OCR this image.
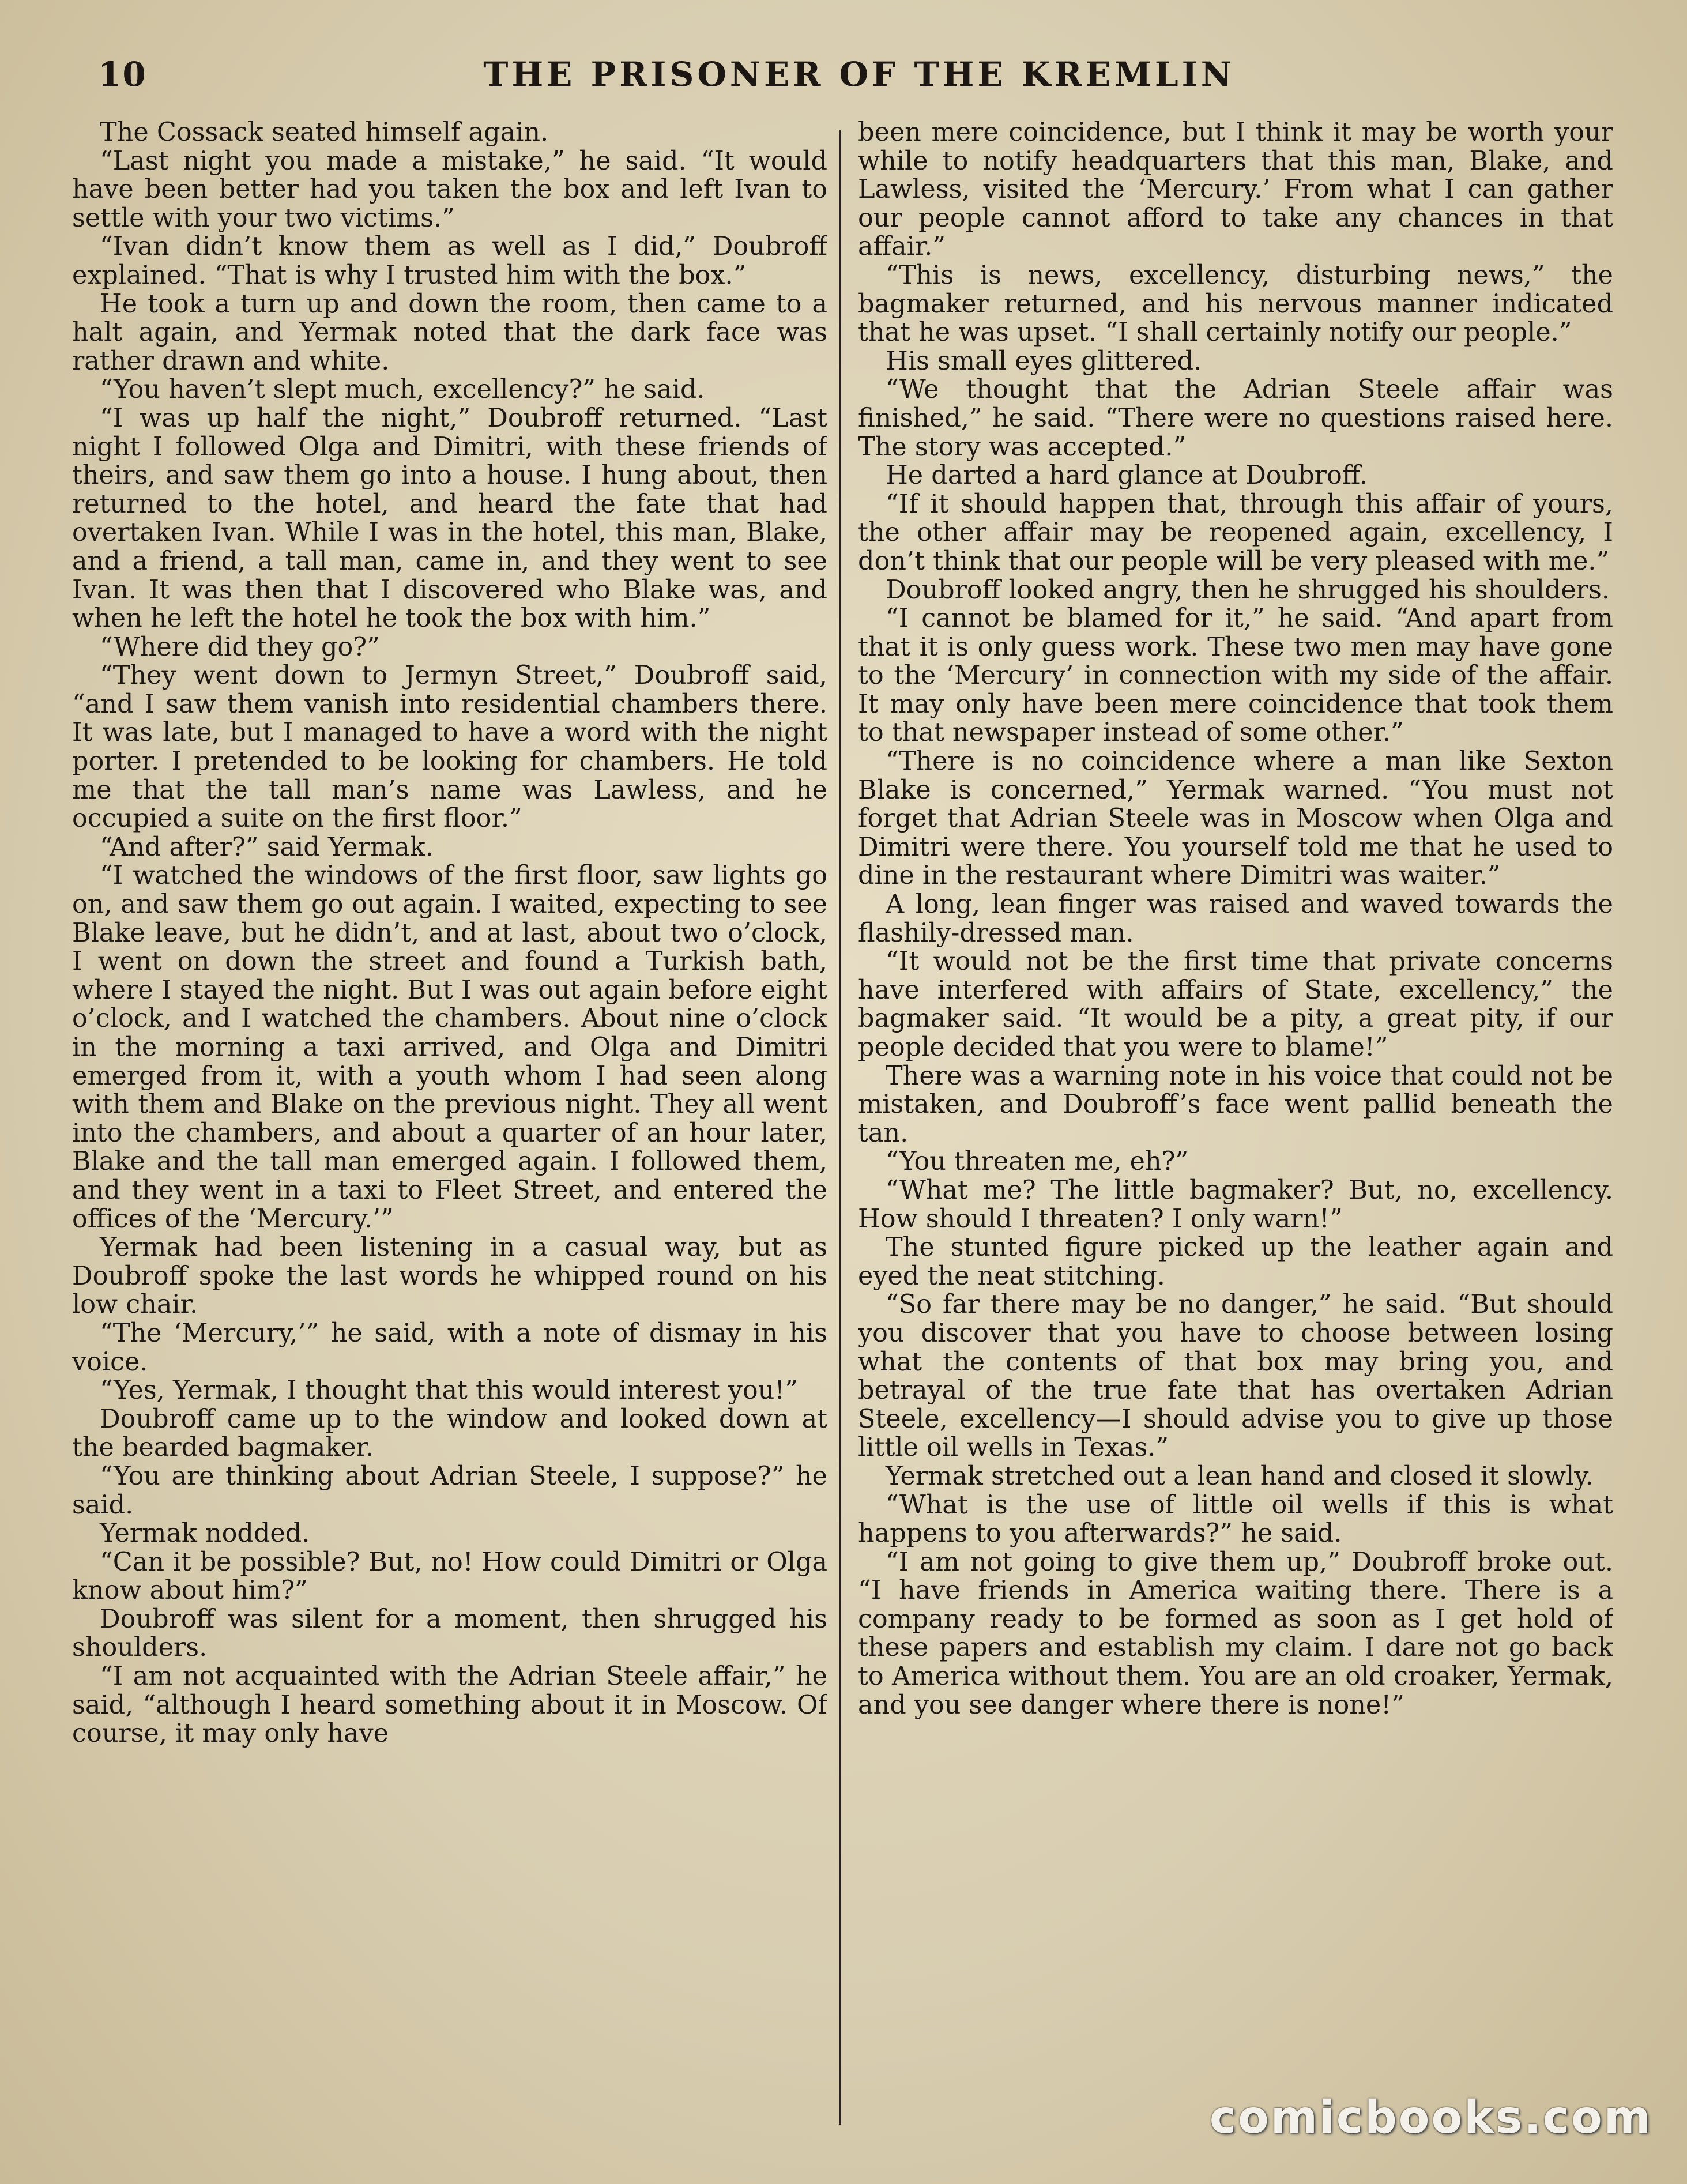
10	THE PRISONER OF THE KREMLIN

The Cossack seated himself again.

“Last night you made a mistake,” he said. “It would have been better had you taken the box and left Ivan to settle with your two victims.”

“Ivan didn’t know them as well as I did,” Doubroff explained. “That is why I trusted him with the box.”

He took a turn up and down the room, then came to a halt again, and Yermak noted that the dark face was rather drawn and white.

“You haven’t slept much, excellency?” he said.

“I was up half the night,” Doubroff returned. “Last night I followed Olga and Dimitri, with these friends of theirs, and saw them go into a house. I hung about, then returned to the hotel, and heard the fate that had overtaken Ivan. While I was in the hotel, this man, Blake, and a friend, a tall man, came in, and they went to see Ivan. It was then that I discovered who Blake was, and when he left the hotel he took the box with him.”

“Where did they go?”

“They went down to Jermyn Street,” Doubroff said, “and I saw them vanish into residential chambers there. It was late, but I managed to have a word with the night porter. I pretended to be looking for chambers. He told me that the tall man’s name was Lawless, and he occupied a suite on the first floor.”

“And after?” said Yermak.

“I watched the windows of the first floor, saw lights go on, and saw them go out again. I waited, expecting to see Blake leave, but he didn’t, and at last, about two o’clock, I went on down the street and found a Turkish bath, where I stayed the night. But I was out again before eight o’clock, and I watched the chambers. About nine o’clock in the morning a taxi arrived, and Olga and Dimitri emerged from it, with a youth whom I had seen along with them and Blake on the previous night. They all went into the chambers, and about a quarter of an hour later, Blake and the tall man emerged again. I followed them, and they went in a taxi to Fleet Street, and entered the offices of the ‘Mercury.’”

Yermak had been listening in a casual way, but as Doubroff spoke the last words he whipped round on his low chair.

“The ‘Mercury,’” he said, with a note of dismay in his voice.

“Yes, Yermak, I thought that this would interest you!”

Doubroff came up to the window and looked down at the bearded bagmaker.

“You are thinking about Adrian Steele, I suppose?” he said.

Yermak nodded.

“Can it be possible? But, no! How could Dimitri or Olga know about him?”

Doubroff was silent for a moment, then shrugged his shoulders.

“I am not acquainted with the Adrian Steele affair,” he said, “although I heard something about it in Moscow. Of course, it may only have

been mere coincidence, but I think it may be worth your while to notify headquarters that this man, Blake, and Lawless, visited the ‘Mercury.’ From what I can gather our people cannot afford to take any chances in that affair.”

“This is news, excellency, disturbing news,” the bagmaker returned, and his nervous manner indicated that he was upset. “I shall certainly notify our people.”

His small eyes glittered.

“We thought that the Adrian Steele affair was finished,” he said. “There were no questions raised here. The story was accepted.”

He darted a hard glance at Doubroff.

“If it should happen that, through this affair of yours, the other affair may be reopened again, excellency, I don’t think that our people will be very pleased with me.”

Doubroff looked angry, then he shrugged his shoulders.

“I cannot be blamed for it,” he said. “And apart from that it is only guess work. These two men may have gone to the ‘Mercury’ in connection with my side of the affair. It may only have been mere coincidence that took them to that newspaper instead of some other.”

“There is no coincidence where a man like Sexton Blake is concerned,” Yermak warned. “You must not forget that Adrian Steele was in Moscow when Olga and Dimitri were there. You yourself told me that he used to dine in the restaurant where Dimitri was waiter.”

A long, lean finger was raised and waved towards the flashily-dressed man.

“It would not be the first time that private concerns have interfered with affairs of State, excellency,” the bagmaker said. “It would be a pity, a great pity, if our people decided that you were to blame!”

There was a warning note in his voice that could not be mistaken, and Doubroff’s face went pallid beneath the tan.

“You threaten me, eh?”

“What me? The little bagmaker? But, no, excellency. How should I threaten? I only warn!”

The stunted figure picked up the leather again and eyed the neat stitching.

“So far there may be no danger,” he said. “But should you discover that you have to choose between losing what the contents of that box may bring you, and betrayal of the true fate that has overtaken Adrian Steele, excellency—I should advise you to give up those little oil wells in Texas.”

Yermak stretched out a lean hand and closed it slowly.

“What is the use of little oil wells if this is what happens to you afterwards?” he said.

“I am not going to give them up,” Doubroff broke out. “I have friends in America waiting there. There is a company ready to be formed as soon as I get hold of these papers and establish my claim. I dare not go back to America without them. You are an old croaker, Yermak, and you see danger where there is none!”

comicbooks.com
